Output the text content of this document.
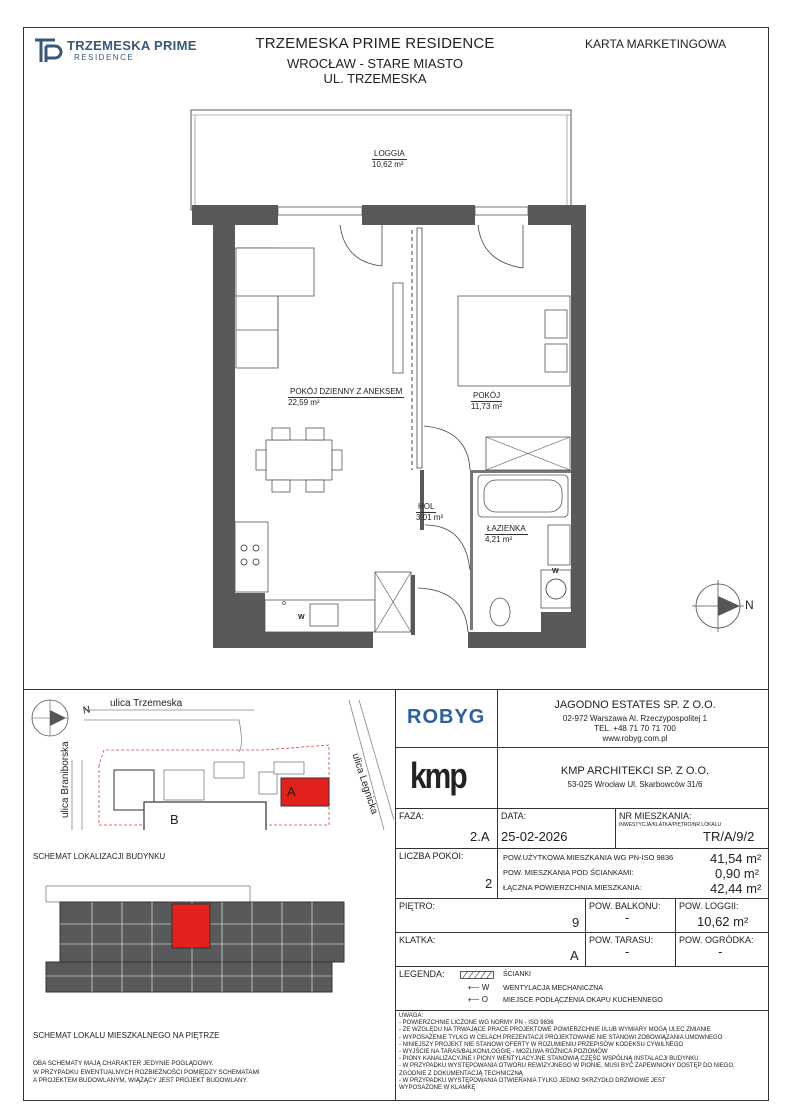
TRZEMESKA PRIME
RESIDENCE
TRZEMESKA PRIME RESIDENCE
WROCŁAW - STARE MIASTO
UL. TRZEMESKA
KARTA MARKETINGOWA
LOGGIA
10,62 m²
POKÓJ DZIENNY Z ANEKSEM
22,59 m²
POKÓJ
11,73 m²
HOL
3,01 m²
ŁAZIENKA
4,21 m²
W
W
o	N
ulica Trzemeska
ulica Braniborska	ulica Legnicka
A
B
N
SCHEMAT LOKALIZACJI BUDYNKU
SCHEMAT LOKALU MIESZKALNEGO NA PIĘTRZE
OBA SCHEMATY MAJĄ CHARAKTER JEDYNIE POGLĄDOWY.
W PRZYPADKU EWENTUALNYCH ROZBIEŻNOŚCI POMIĘDZY SCHEMATAMI
A PROJEKTEM BUDOWLANYM, WIĄŻĄCY JEST PROJEKT BUDOWLANY.
ROBYG
JAGODNO ESTATES SP. Z O.O.
02-972 Warszawa Al. Rzeczypospolitej 1
TEL. +48 71 70 71 700
www.robyg.com.pl
kmp	KMP ARCHITEKCI SP. Z O.O.
53-025 Wrocław Ul. Skarbowców 31/6
FAZA:
2.A
DATA:
25-02-2026
NR MIESZKANIA:
INWESTYCJA/KLATKA/PIĘTRO/NR LOKALU
TR/A/9/2
LICZBA POKOI:
2
POW.UŻYTKOWA MIESZKANIA WG PN-ISO 9836	41,54 m²
POW. MIESZKANIA POD ŚCIANKAMI:	0,90 m²
ŁĄCZNA POWIERZCHNIA MIESZKANIA:	42,44 m²
PIĘTRO:
9
POW. BALKONU:
-
POW. LOGGII:
10,62 m²
KLATKA:
A
POW. TARASU:
-
POW. OGRÓDKA:
-
LEGENDA:	ŚCIANKI
⟵ W WENTYLACJA MECHANICZNA
⟵ O MIEJSCE PODŁĄCZENIA OKAPU KUCHENNEGO
UWAGA:
- POWIERZCHNIE LICZONE WG NORMY PN - ISO 9836
- ZE WZGLĘDU NA TRWAJĄCE PRACE PROJEKTOWE POWIERZCHNIE I/LUB WYMIARY MOGĄ ULEC ZMIANIE
- WYPOSAŻENIE TYLKO W CELACH PREZENTACJI PROJEKTOWANE NIE STANOWI ZOBOWIĄZANIA UMOWNEGO
- NINIEJSZY PROJEKT NIE STANOWI OFERTY W ROZUMIENIU PRZEPISÓW KODEKSU CYWILNEGO
- WYJŚCIE NA TARAS/BALKON/LOGGIĘ - MOŻLIWA RÓŻNICA POZIOMÓW
- PIONY KANALIZACYJNE I PIONY WENTYLACYJNE STANOWIĄ CZĘŚĆ WSPÓLNĄ INSTALACJI BUDYNKU
- W PRZYPADKU WYSTĘPOWANIA OTWORU REWIZYJNEGO W PIONIE, MUSI BYĆ ZAPEWNIONY DOSTĘP DO NIEGO,
ZGODNIE Z DOKUMENTACJĄ TECHNICZNĄ
- W PRZYPADKU WYSTĘPOWANIA OTWIERANIA TYLKO JEDNO SKRZYDŁO DRZWIOWE JEST
WYPOSAŻONE W KLAMKĘ
